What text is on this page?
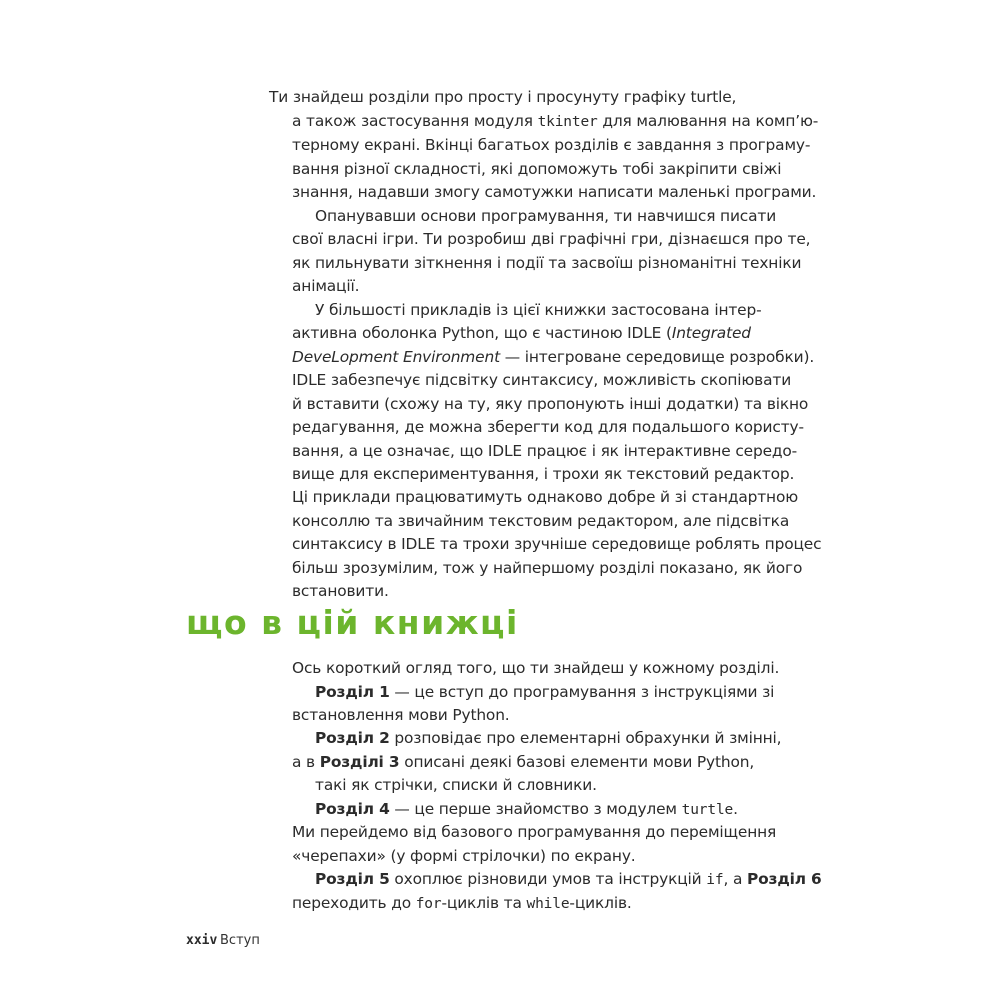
Ти знайдеш розділи про просту і просунуту графіку turtle,
а також застосування модуля tkinter для малювання на комп’ю-
терному екрані. Вкінці багатьох розділів є завдання з програму-
вання різної складності, які допоможуть тобі закріпити свіжі
знання, надавши змогу самотужки написати маленькі програми.
Опанувавши основи програмування, ти навчишся писати
свої власні ігри. Ти розробиш дві графічні гри, дізнаєшся про те,
як пильнувати зіткнення і події та засвоїш різноманітні техніки
анімації.
У більшості прикладів із цієї книжки застосована інтер-
активна оболонка Python, що є частиною IDLE (Integrated
DeveLopment Environment — інтегроване середовище розробки).
IDLE забезпечує підсвітку синтаксису, можливість скопіювати
й вставити (схожу на ту, яку пропонують інші додатки) та вікно
редагування, де можна зберегти код для подальшого користу-
вання, а це означає, що IDLE працює і як інтерактивне середо-
вище для експериментування, і трохи як текстовий редактор.
Ці приклади працюватимуть однаково добре й зі стандартною
консоллю та звичайним текстовим редактором, але підсвітка
синтаксису в IDLE та трохи зручніше середовище роблять процес
більш зрозумілим, тож у найпершому розділі показано, як його
встановити.
що в цій книжці
Ось короткий огляд того, що ти знайдеш у кожному розділі.
Розділ 1 — це вступ до програмування з інструкціями зі
встановлення мови Python.
Розділ 2 розповідає про елементарні обрахунки й змінні,
а в Розділі 3 описані деякі базові елементи мови Python,
такі як стрічки, списки й словники.
Розділ 4 — це перше знайомство з модулем turtle.
Ми перейдемо від базового програмування до переміщення
«черепахи» (у формі стрілочки) по екрану.
Розділ 5 охоплює різновиди умов та інструкцій if, а Розділ 6
переходить до for-циклів та while-циклів.
xxiv Вступ
